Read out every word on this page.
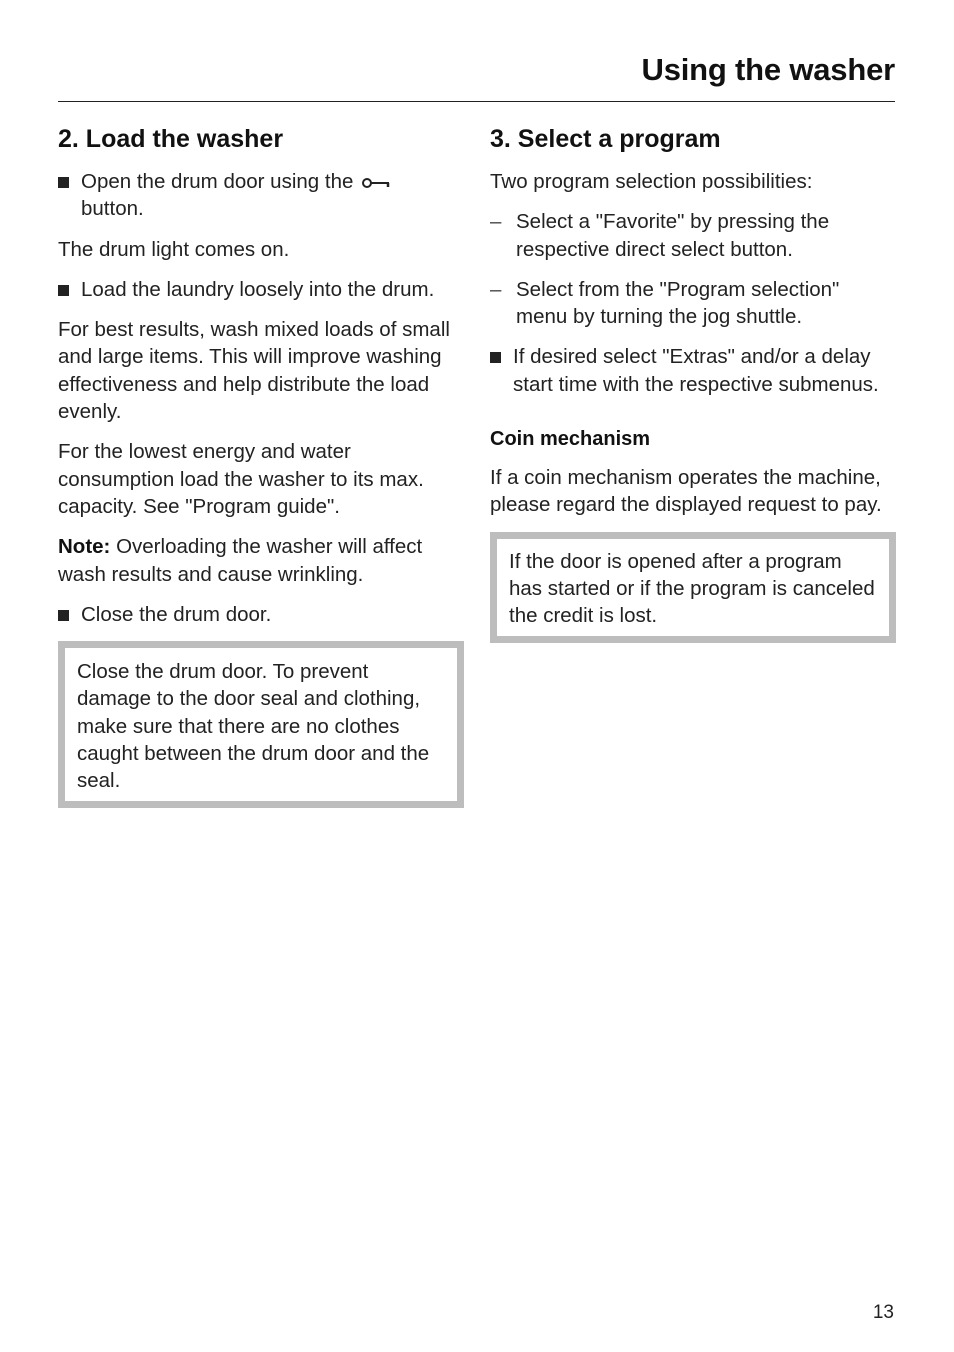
Using the washer
2. Load the washer
Open the drum door using the
button.

The drum light comes on.

Load the laundry loosely into the drum.

For best results, wash mixed loads of small and large items. This will improve washing effectiveness and help distribute the load evenly.

For the lowest energy and water consumption load the washer to its max. capacity. See "Program guide".

Note: Overloading the washer will affect wash results and cause wrinkling.

Close the drum door.
Close the drum door. To prevent damage to the door seal and clothing, make sure that there are no clothes caught between the drum door and the seal.
3. Select a program

Two program selection possibilities:

– Select a "Favorite" by pressing the respective direct select button.
– Select from the "Program selection" menu by turning the jog shuttle.
If desired select "Extras" and/or a delay start time with the respective submenus.
Coin mechanism

If a coin mechanism operates the machine, please regard the displayed request to pay.

If the door is opened after a program has started or if the program is canceled the credit is lost.
13
